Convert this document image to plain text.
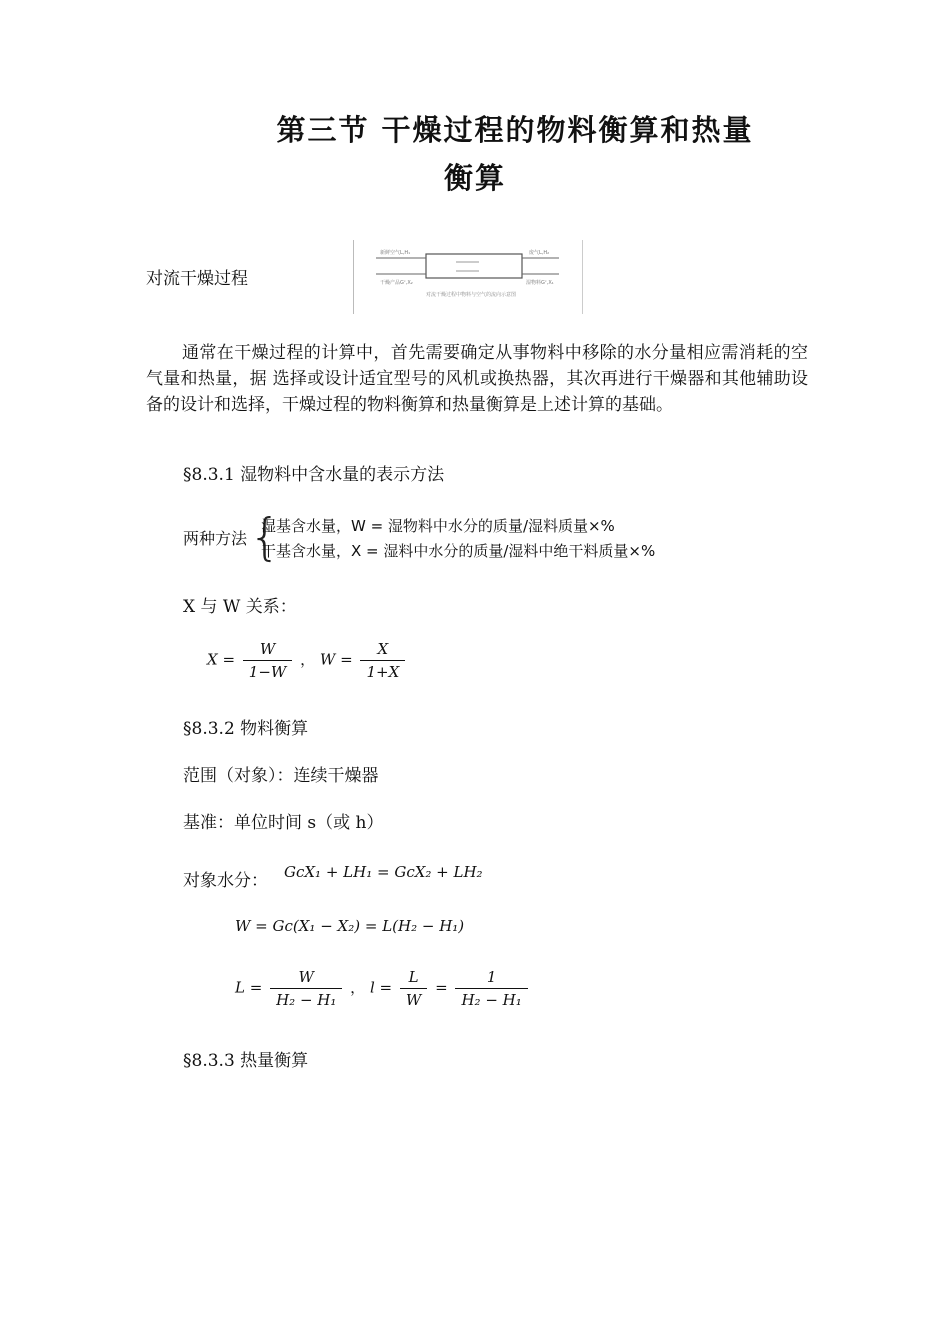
第三节 干燥过程的物料衡算和热量
衡算
对流干燥过程
新鲜空气L,H₁	废气L,H₂
干燥产品Gᶜ,X₂	湿物料Gᶜ,X₁
对流干燥过程中物料与空气的流向示意图
通常在干燥过程的计算中，首先需要确定从事物料中移除的水分量相应需消耗的空气量和热量，据 选择或设计适宜型号的风机或换热器，其次再进行干燥器和其他辅助设备的设计和选择，干燥过程的物料衡算和热量衡算是上述计算的基础。
§8.3.1 湿物料中含水量的表示方法
两种方法 {
湿基含水量，W = 湿物料中水分的质量/湿料质量×%
干基含水量，X = 湿料中水分的质量/湿料中绝干料质量×%
X 与 W 关系：
$X = \frac{W}{1-W}$ ， $W = \frac{X}{1+X}$
§8.3.2 物料衡算
范围（对象）：连续干燥器
基准：单位时间 s（或 h）
对象水分： GcX₁ + LH₁ = GcX₂ + LH₂
W = Gc(X₁ − X₂) = L(H₂ − H₁)
$L = \frac{W}{\text{H₂ − H₁}}$ ， $l = \frac{L}{W} = \frac{1}{\text{H₂ − H₁}}$
§8.3.3 热量衡算
